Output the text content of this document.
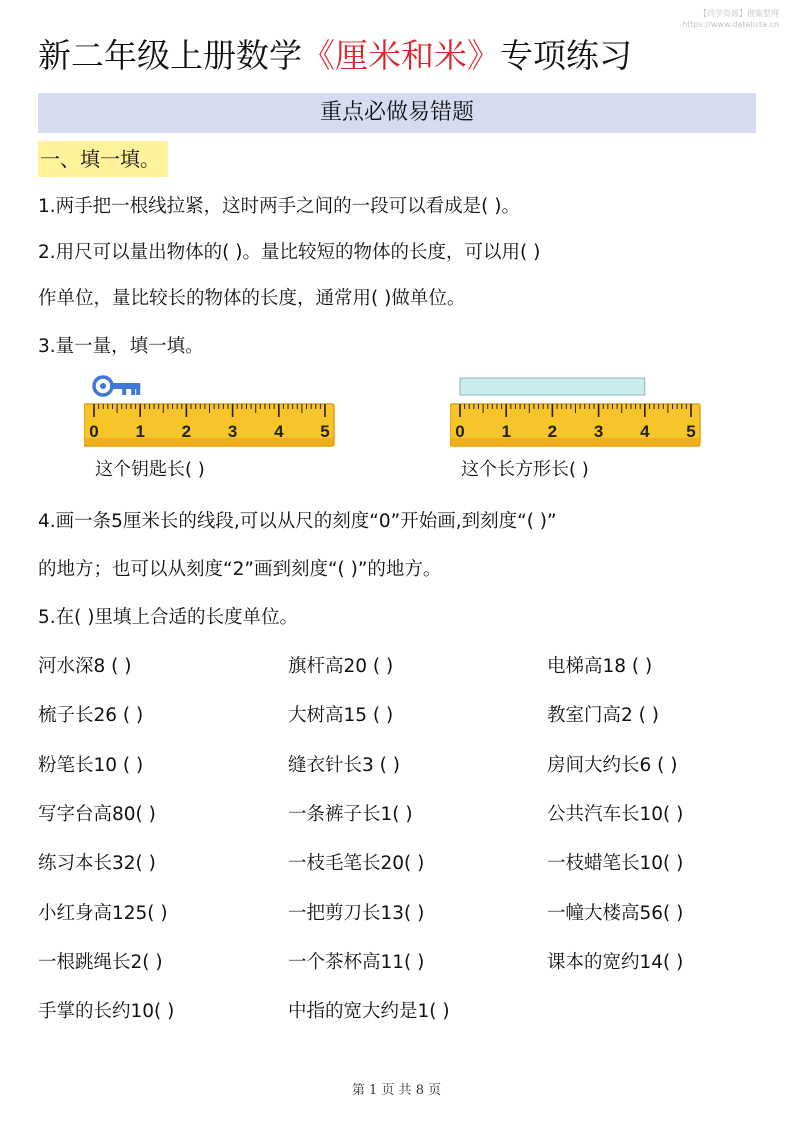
【尚学资源】搜集整理
https://www.datalista.cn
新二年级上册数学《厘米和米》专项练习
重点必做易错题
一、填一填。
1.两手把一根线拉紧，这时两手之间的一段可以看成是( )。
2.用尺可以量出物体的( )。量比较短的物体的长度，可以用( )
作单位，量比较长的物体的长度，通常用( )做单位。
3.量一量，填一填。
0 1 2 3 4 5	0 1 2 3 4 5
这个钥匙长( )	这个长方形长( )
4.画一条5厘米长的线段,可以从尺的刻度“0”开始画,到刻度“( )”
的地方；也可以从刻度“2”画到刻度“( )”的地方。
5.在( )里填上合适的长度单位。
河水深8 ( )	旗杆高20 ( )	电梯高18 ( )
梳子长26 ( )	大树高15 ( )	教室门高2 ( )
粉笔长10 ( )	缝衣针长3 ( )	房间大约长6 ( )
写字台高80( )	一条裤子长1( )	公共汽车长10( )
练习本长32( )	一枝毛笔长20( )	一枝蜡笔长10( )
小红身高125( )	一把剪刀长13( )	一幢大楼高56( )
一根跳绳长2( )	一个茶杯高11( )	课本的宽约14( )
手掌的长约10( )	中指的宽大约是1( )
第 1 页 共 8 页
